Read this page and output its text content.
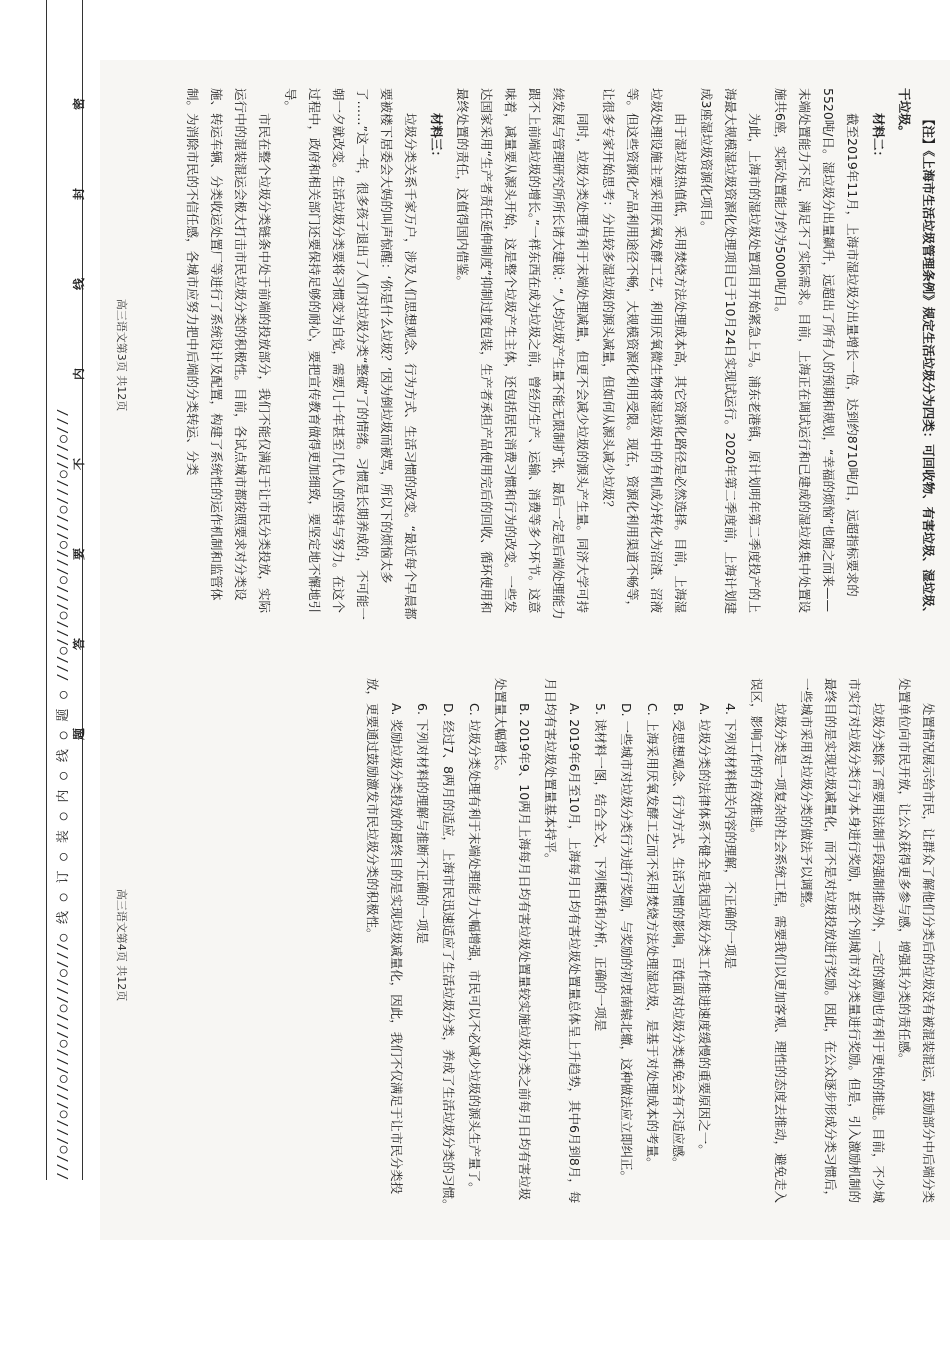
【注】《上海市生活垃圾管理条例》规定生活垃圾分为四类：可回收物、有害垃圾、湿垃圾、干垃圾。

材料二：

截至2019年11月，上海市湿垃圾分出量增长一倍，达到约8710吨/日，远超指标要求的5520吨/日。湿垃圾分出量飙升，远超出了所有人的预期和规划，“幸福的烦恼”也随之而来——末端处置能力不足，满足不了实际需求。目前，上海正在调试运行和已建成的湿垃圾集中处置设施共6座，实际处置能力约为5000吨/日。

为此，上海市的湿垃圾处置项目开始紧急上马。浦东老港镇，原计划明年第二季度投产的上海最大规模湿垃圾资源化处理项目已于10月24日实现试运行。2020年第二季度前，上海计划建成3座湿垃圾资源化项目。

由于湿垃圾热值低，采用焚烧方法处理成本高，其它资源化路径是必然选择。目前，上海湿垃圾处理设施主要采用厌氧发酵工艺，利用厌氧微生物将湿垃圾中的有机成分转化为沼渣、沼液等。但这些资源化产品利用途径不畅，大规模资源化利用受限。现在，资源化利用渠道不畅等，让很多专家开始思考：分出较多湿垃圾的源头减量，但如何从源头减少垃圾？

同时，垃圾分类处理有利于末端处理减量，但更不会减少垃圾的源头产生量。同济大学可持续发展与管理研究所所长诸大建说：“人均垃圾产生量不能无限制扩张，最后一定是后端处理能力跟不上前端垃圾的增长。”一样东西在成为垃圾之前，曾经历生产、运输、消费等多个环节。这意味着，减量要从源头开始，这是整个垃圾产生主体，还包括居民消费习惯和行为的改变。一些发达国家采用“生产者责任延伸制度”抑制过度包装，生产者承担产品使用完后的回收、循环使用和最终处置的责任，这值得国内借鉴。

材料三：

垃圾分类关系千家万户，涉及人们思想观念、行为方式、生活习惯的改变。“最近每个早晨都要被楼下居委会大妈的叫声惊醒：‘你是什么垃圾？’因为倒垃圾而被骂，所以下的烦恼太多了……”这一年，很多孩子退出了人们对垃圾分类“整破”了的情绪。习惯是长期养成的，不可能一朝一夕就改变。生活垃圾分类要将习惯变为自觉，需要几十年甚至几代人的坚持与努力。在这个过程中，政府和相关部门还要保持足够的耐心，要把宣传教育做得更加细致，要坚定地不懈地引导。

市民在整个垃圾分类链条中处于前端的投放部分，我们不能仅满足于让市民分类投放，实际运行中的混装混运会极大打击市民垃圾分类的积极性。目前，各试点城市都按照要求对分类设施、转运车辆、分类收运处置厂等进行了系统设计及配置，构建了系统性的运作机制和监管体制。为消除市民的不信任感，各城市应努力把中后端的分类转运、分类

高三语文第3页 共12页

处置情况展示给市民，让群众了解他们分类后的垃圾没有被混装混运，鼓励部分中后端分类处置单位向市民开放，让公众获得更多参与感，增强其分类的责任感。

垃圾分类除了需要用法制手段强制推动外，一定的激励也有利于更快的推进。目前，不少城市实行对垃圾分类行为本身进行奖励，甚至个别城市对分类量进行奖励。但是，引入激励机制的最终目的是实现垃圾减量化，而不是对垃圾投放进行奖励。因此，在公众逐步形成分类习惯后，一些城市采用对垃圾分类的做法予以调整。

垃圾分类是一项复杂的社会系统工程，需要我们以更加客观、理性的态度去推动，避免走入误区，影响工作的有效推进。

4. 下列对材料相关内容的理解，不正确的一项是

A. 垃圾分类的法律体系不健全是我国垃圾分类工作推进速度缓慢的重要原因之一。

B. 受思想观念、行为方式、生活习惯的影响，百姓面对垃圾分类难免会有不适应感。

C. 上海采用厌氧发酵工艺而不采用焚烧方法处理湿垃圾，是基于对处理成本的考量。

D. 一些城市对垃圾分类行为进行奖励，与奖励的初衷南辕北辙，这种做法应立即纠正。

5. 读材料一图，结合全文，下列概括和分析，正确的一项是

A. 2019年6月至10月，上海每月日均有害垃圾处置量总体呈上升趋势，其中6月到8月，每月日均有害垃圾处置量基本持平。

B. 2019年9、10两月上海每月日均有害垃圾处置量较实施垃圾分类之前每月日均有害垃圾处置量大幅增长。

C. 垃圾分类处理有利于末端处理能力大幅增强，市民可以不必减少垃圾的源头生产量了。

D. 经过7、8两月的适应，上海市民迅速适应了生活垃圾分类，养成了生活垃圾分类的习惯。

6. 下列对材料的理解与推断不正确的一项是

A. 奖励垃圾分类投放的最终目的是实现垃圾减量化，因此，我们不仅满足于让市民分类投放，更要通过鼓励激发市民垃圾分类的积极性。

高三语文第4页 共12页
///○///○///○///○///○///○///○ 线 ○ 订 ○ 装 ○ 内 ○ 线 ○ 题 ○ ///○///○///○///○///○///○///○/// 题
答
要
不
内
线
封
密
